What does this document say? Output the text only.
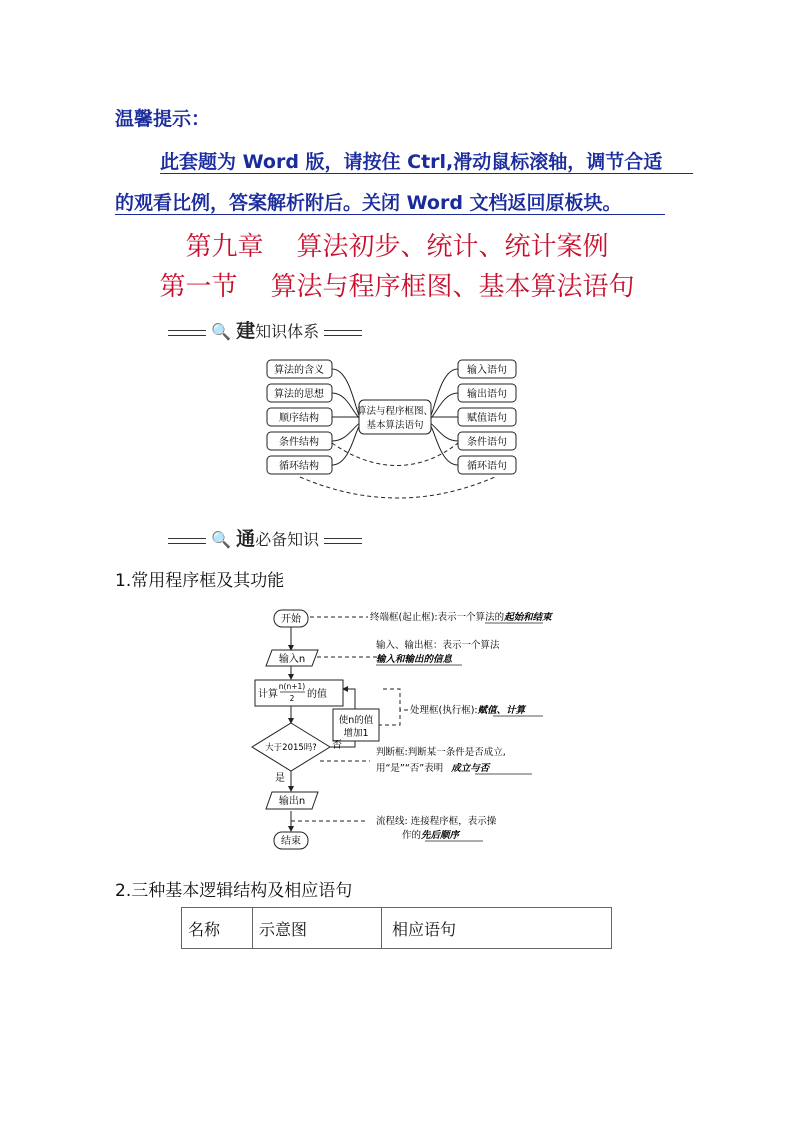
温馨提示：
此套题为 Word 版，请按住 Ctrl,滑动鼠标滚轴，调节合适
的观看比例，答案解析附后。关闭 Word 文档返回原板块。
第九章    算法初步、统计、统计案例
第一节    算法与程序框图、基本算法语句
🔍 建知识体系
算法的含义
算法的思想
顺序结构
条件结构
循环结构
算法与程序框图、
基本算法语句
输入语句
输出语句
赋值语句
条件语句
循环语句
🔍 通必备知识
1.常用程序框及其功能
开始
输入n
计算
n(n+1)
2 的值
使n的值
增加1
大于2015吗? 否
是
输出n
结束
终端框(起止框):表示一个算法的起始和结束
输入、输出框：表示一个算法
输入和输出的信息
处理框(执行框):赋值、计算
判断框:判断某一条件是否成立,
用“是”“否”表明 成立与否
流程线: 连接程序框，表示操
作的先后顺序
2.三种基本逻辑结构及相应语句
名称	示意图	相应语句
